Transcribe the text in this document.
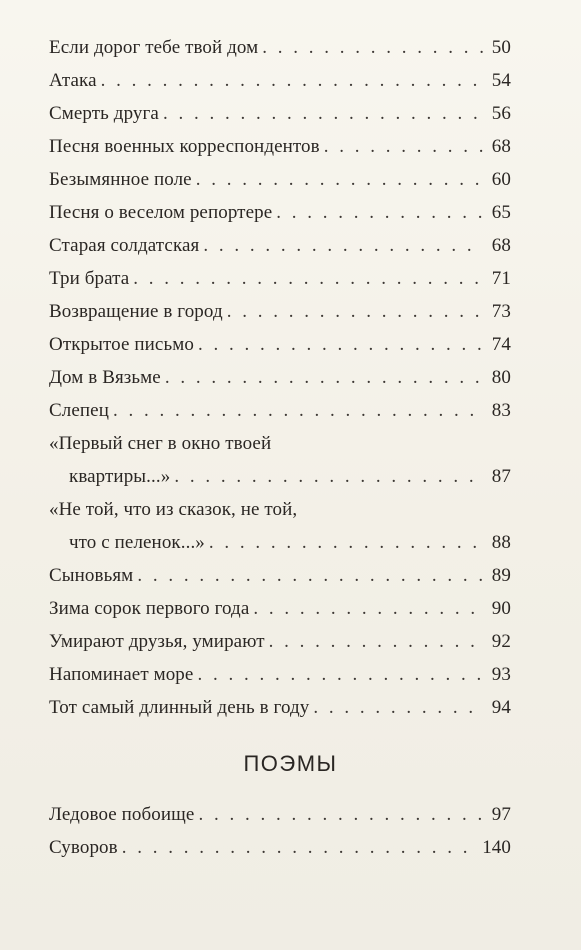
Если дорог тебе твой дом . . .	50
Атака . . .	54
Смерть друга . . .	56
Песня военных корреспондентов . . .	68
Безымянное поле . . .	60
Песня о веселом репортере . . .	65
Старая солдатская . . .	68
Три брата . . .	71
Возвращение в город . . .	73
Открытое письмо . . .	74
Дом в Вязьме . . .	80
Слепец . . .	83
«Первый снег в окно твоей
квартиры...» . . .	87
«Не той, что из сказок, не той,
что с пеленок...» . . .	88
Сыновьям . . .	89
Зима сорок первого года . . .	90
Умирают друзья, умирают . . .	92
Напоминает море . . .	93
Тот самый длинный день в году . . .	94
ПОЭМЫ
Ледовое побоище . . .	97
Суворов . . .	140
